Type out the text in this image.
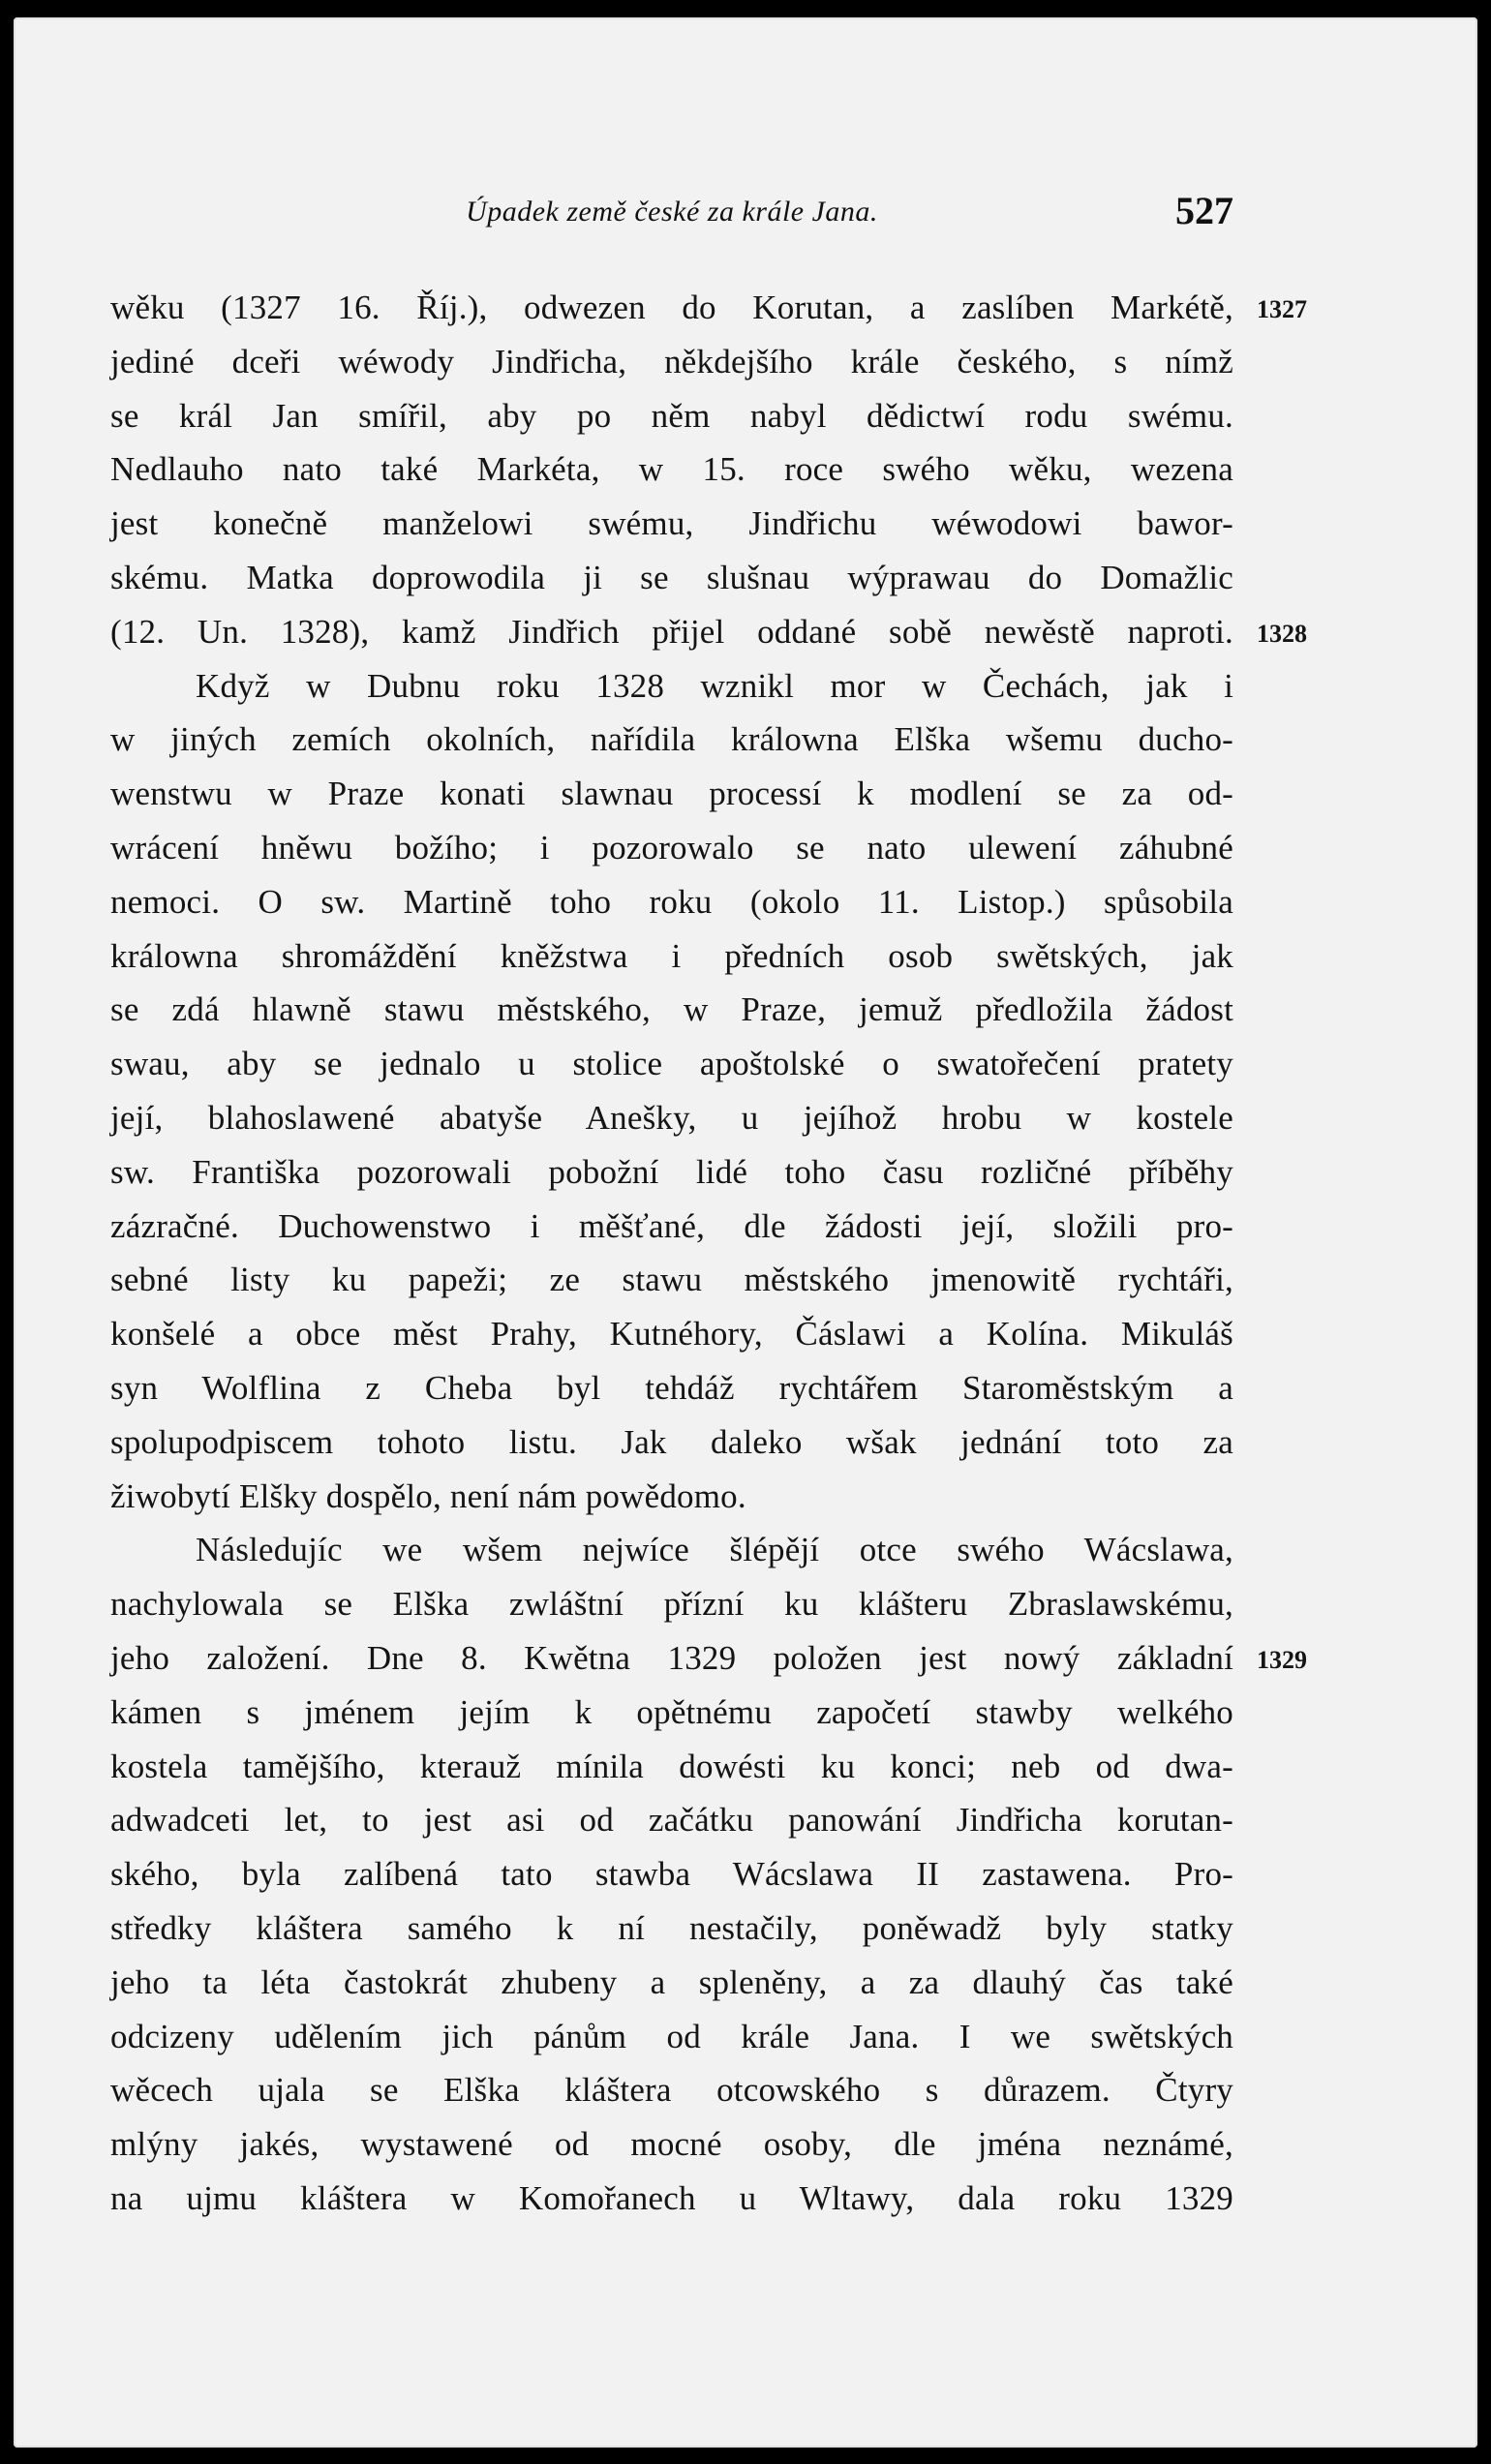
Úpadek země české za krále Jana.	527
wěku (1327 16. Říj.), odwezen do Korutan, a zaslíben Markétě, 1327
jediné dceři wéwody Jindřicha, někdejšího krále českého, s nímž
se král Jan smířil, aby po něm nabyl dědictwí rodu swému.
Nedlauho nato také Markéta, w 15. roce swého wěku, wezena
jest konečně manželowi swému, Jindřichu wéwodowi bawor-
skému. Matka doprowodila ji se slušnau wýprawau do Domažlic
(12. Un. 1328), kamž Jindřich přijel oddané sobě newěstě naproti. 1328
Když w Dubnu roku 1328 wznikl mor w Čechách, jak i
w jiných zemích okolních, nařídila králowna Elška wšemu ducho-
wenstwu w Praze konati slawnau processí k modlení se za od-
wrácení hněwu božího; i pozorowalo se nato ulewení záhubné
nemoci. O sw. Martině toho roku (okolo 11. Listop.) spůsobila
králowna shromáždění kněžstwa i předních osob swětských, jak
se zdá hlawně stawu městského, w Praze, jemuž předložila žádost
swau, aby se jednalo u stolice apoštolské o swatořečení pratety
její, blahoslawené abatyše Anešky, u jejíhož hrobu w kostele
sw. Františka pozorowali pobožní lidé toho času rozličné příběhy
zázračné. Duchowenstwo i měšťané, dle žádosti její, složili pro-
sebné listy ku papeži; ze stawu městského jmenowitě rychtáři,
konšelé a obce měst Prahy, Kutnéhory, Čáslawi a Kolína. Mikuláš
syn Wolflina z Cheba byl tehdáž rychtářem Staroměstským a
spolupodpiscem tohoto listu. Jak daleko wšak jednání toto za
žiwobytí Elšky dospělo, není nám powědomo.
Následujíc we wšem nejwíce šlépějí otce swého Wácslawa,
nachylowala se Elška zwláštní přízní ku klášteru Zbraslawskému,
jeho založení. Dne 8. Kwětna 1329 položen jest nowý základní 1329
kámen s jménem jejím k opětnému započetí stawby welkého
kostela tamějšího, kterauž mínila dowésti ku konci; neb od dwa-
adwadceti let, to jest asi od začátku panowání Jindřicha korutan-
ského, byla zalíbená tato stawba Wácslawa II zastawena. Pro-
středky kláštera samého k ní nestačily, poněwadž byly statky
jeho ta léta častokrát zhubeny a spleněny, a za dlauhý čas také
odcizeny udělením jich pánům od krále Jana. I we swětských
wěcech ujala se Elška kláštera otcowského s důrazem. Čtyry
mlýny jakés, wystawené od mocné osoby, dle jména neznámé,
na ujmu kláštera w Komořanech u Wltawy, dala roku 1329
